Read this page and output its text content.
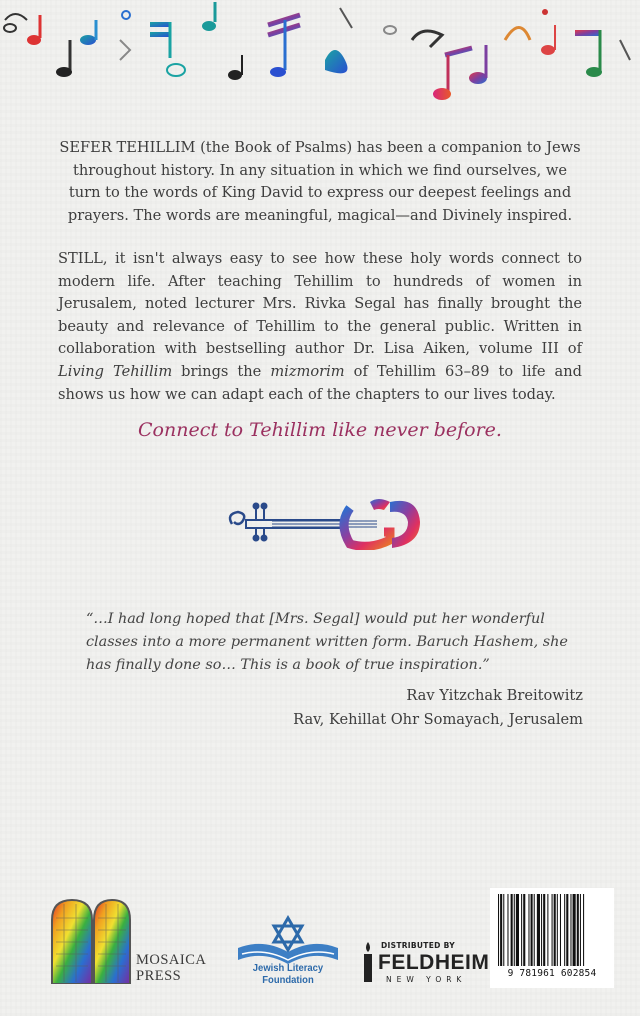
SEFER TEHILLIM (the Book of Psalms) has been a companion to Jews throughout history. In any situation in which we find ourselves, we turn to the words of King David to express our deepest feelings and prayers. The words are meaningful, magical—and Divinely inspired.

STILL, it isn't always easy to see how these holy words connect to modern life. After teaching Tehillim to hundreds of women in Jerusalem, noted lecturer Mrs. Rivka Segal has finally brought the beauty and relevance of Tehillim to the general public. Written in collaboration with bestselling author Dr. Lisa Aiken, volume III of Living Tehillim brings the mizmorim of Tehillim 63–89 to life and shows us how we can adapt each of the chapters to our lives today.

Connect to Tehillim like never before.

“…I had long hoped that [Mrs. Segal] would put her wonderful classes into a more permanent written form. Baruch Hashem, she has finally done so… This is a book of true inspiration.”

Rav Yitzchak Breitowitz
Rav, Kehillat Ohr Somayach, Jerusalem
MOSAICA
PRESS	Jewish Literacy Foundation
DISTRIBUTED BY
FELDHEIM
NEW YORK
9 781961 602854
